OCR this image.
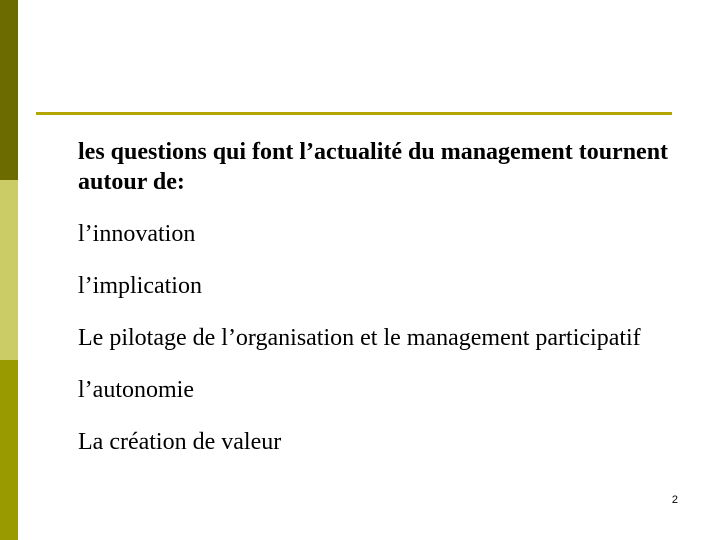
les questions qui font l’actualité du management tournent autour de:

l’innovation

l’implication

Le pilotage de l’organisation et le management participatif

l’autonomie

La création de valeur

2
